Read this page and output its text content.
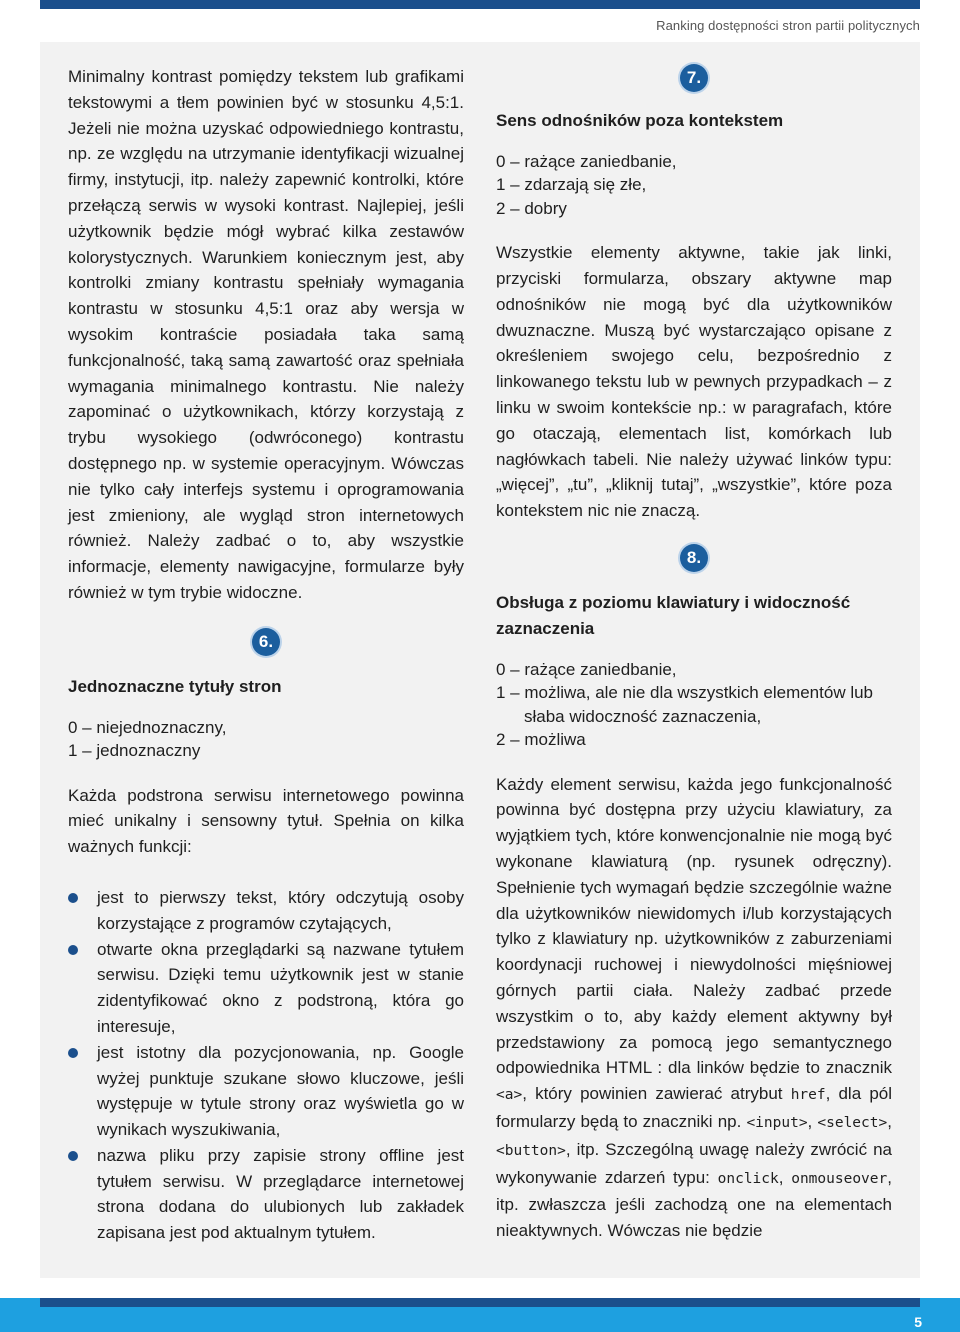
Ranking dostępności stron partii politycznych

Minimalny kontrast pomiędzy tekstem lub grafikami tekstowymi a tłem powinien być w stosunku 4,5:1. Jeżeli nie można uzyskać odpowiedniego kontrastu, np. ze względu na utrzymanie identyfikacji wizualnej firmy, instytucji, itp. należy zapewnić kontrolki, które przełączą serwis w wysoki kontrast. Najlepiej, jeśli użytkownik będzie mógł wybrać kilka zestawów kolorystycznych. Warunkiem koniecznym jest, aby kontrolki zmiany kontrastu spełniały wymagania kontrastu w stosunku 4,5:1 oraz aby wersja w wysokim kontraście posiadała taka samą funkcjonalność, taką samą zawartość oraz spełniała wymagania minimalnego kontrastu. Nie należy zapominać o użytkownikach, którzy korzystają z trybu wysokiego (odwróconego) kontrastu dostępnego np. w systemie operacyjnym. Wówczas nie tylko cały interfejs systemu i oprogramowania jest zmieniony, ale wygląd stron internetowych również. Należy zadbać o to, aby wszystkie informacje, elementy nawigacyjne, formularze były również w tym trybie widoczne.

6.

Jednoznaczne tytuły stron

0 – niejednoznaczny,
1 – jednoznaczny

Każda podstrona serwisu internetowego powinna mieć unikalny i sensowny tytuł. Spełnia on kilka ważnych funkcji:

jest to pierwszy tekst, który odczytują osoby korzystające z programów czytających,
otwarte okna przeglądarki są nazwane tytułem serwisu. Dzięki temu użytkownik jest w stanie zidentyfikować okno z podstroną, która go interesuje,
jest istotny dla pozycjonowania, np. Google wyżej punktuje szukane słowo kluczowe, jeśli występuje w tytule strony oraz wyświetla go w wynikach wyszukiwania,
nazwa pliku przy zapisie strony offline jest tytułem serwisu. W przeglądarce internetowej strona dodana do ulubionych lub zakładek zapisana jest pod aktualnym tytułem.
7.

Sens odnośników poza kontekstem

0 – rażące zaniedbanie,
1 – zdarzają się złe,
2 – dobry

Wszystkie elementy aktywne, takie jak linki, przyciski formularza, obszary aktywne map odnośników nie mogą być dla użytkowników dwuznaczne. Muszą być wystarczająco opisane z określeniem swojego celu, bezpośrednio z linkowanego tekstu lub w pewnych przypadkach – z linku w swoim kontekście np.: w paragrafach, które go otaczają, elementach list, komórkach lub nagłówkach tabeli. Nie należy używać linków typu: „więcej”, „tu”, „kliknij tutaj”, „wszystkie”, które poza kontekstem nic nie znaczą.

8.

Obsługa z poziomu klawiatury i widoczność zaznaczenia

0 – rażące zaniedbanie,
1 – możliwa, ale nie dla wszystkich elementów lub
słaba widoczność zaznaczenia,
2 – możliwa

Każdy element serwisu, każda jego funkcjonalność powinna być dostępna przy użyciu klawiatury, za wyjątkiem tych, które konwencjonalnie nie mogą być wykonane klawiaturą (np. rysunek odręczny). Spełnienie tych wymagań będzie szczególnie ważne dla użytkowników niewidomych i/lub korzystających tylko z klawiatury np. użytkowników z zaburzeniami koordynacji ruchowej i niewydolności mięśniowej górnych partii ciała. Należy zadbać przede wszystkim o to, aby każdy element aktywny był przedstawiony za pomocą jego semantycznego odpowiednika HTML : dla linków będzie to znacznik <a>, który powinien zawierać atrybut href, dla pól formularzy będą to znaczniki np. <input>, <select>,<button>, itp. Szczególną uwagę należy zwrócić na wykonywanie zdarzeń typu: onclick, onmouseover, itp. zwłaszcza jeśli zachodzą one na elementach nieaktywnych. Wówczas nie będzie

5
